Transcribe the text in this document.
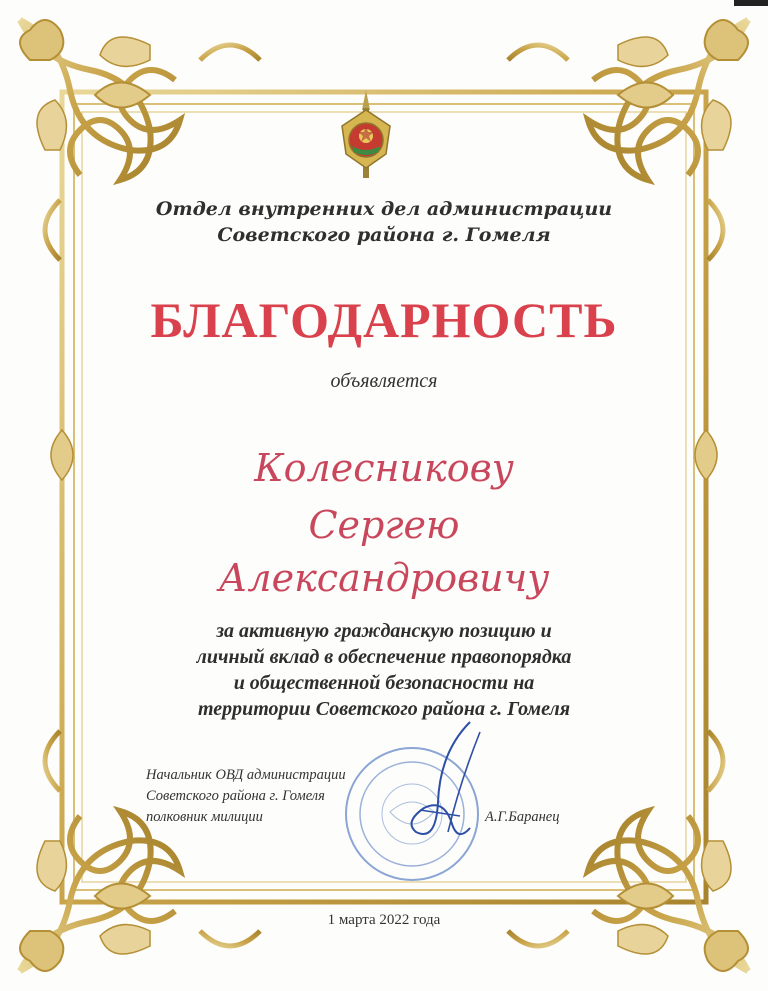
Отдел внутренних дел администрации
Советского района г. Гомеля
БЛАГОДАРНОСТЬ
объявляется
Колесникову
Сергею
Александровичу
за активную гражданскую позицию и
личный вклад в обеспечение правопорядка
и общественной безопасности на
территории Советского района г. Гомеля
Начальник ОВД администрации
Советского района г. Гомеля
полковник милиции	А.Г.Баранец
1 марта 2022 года
